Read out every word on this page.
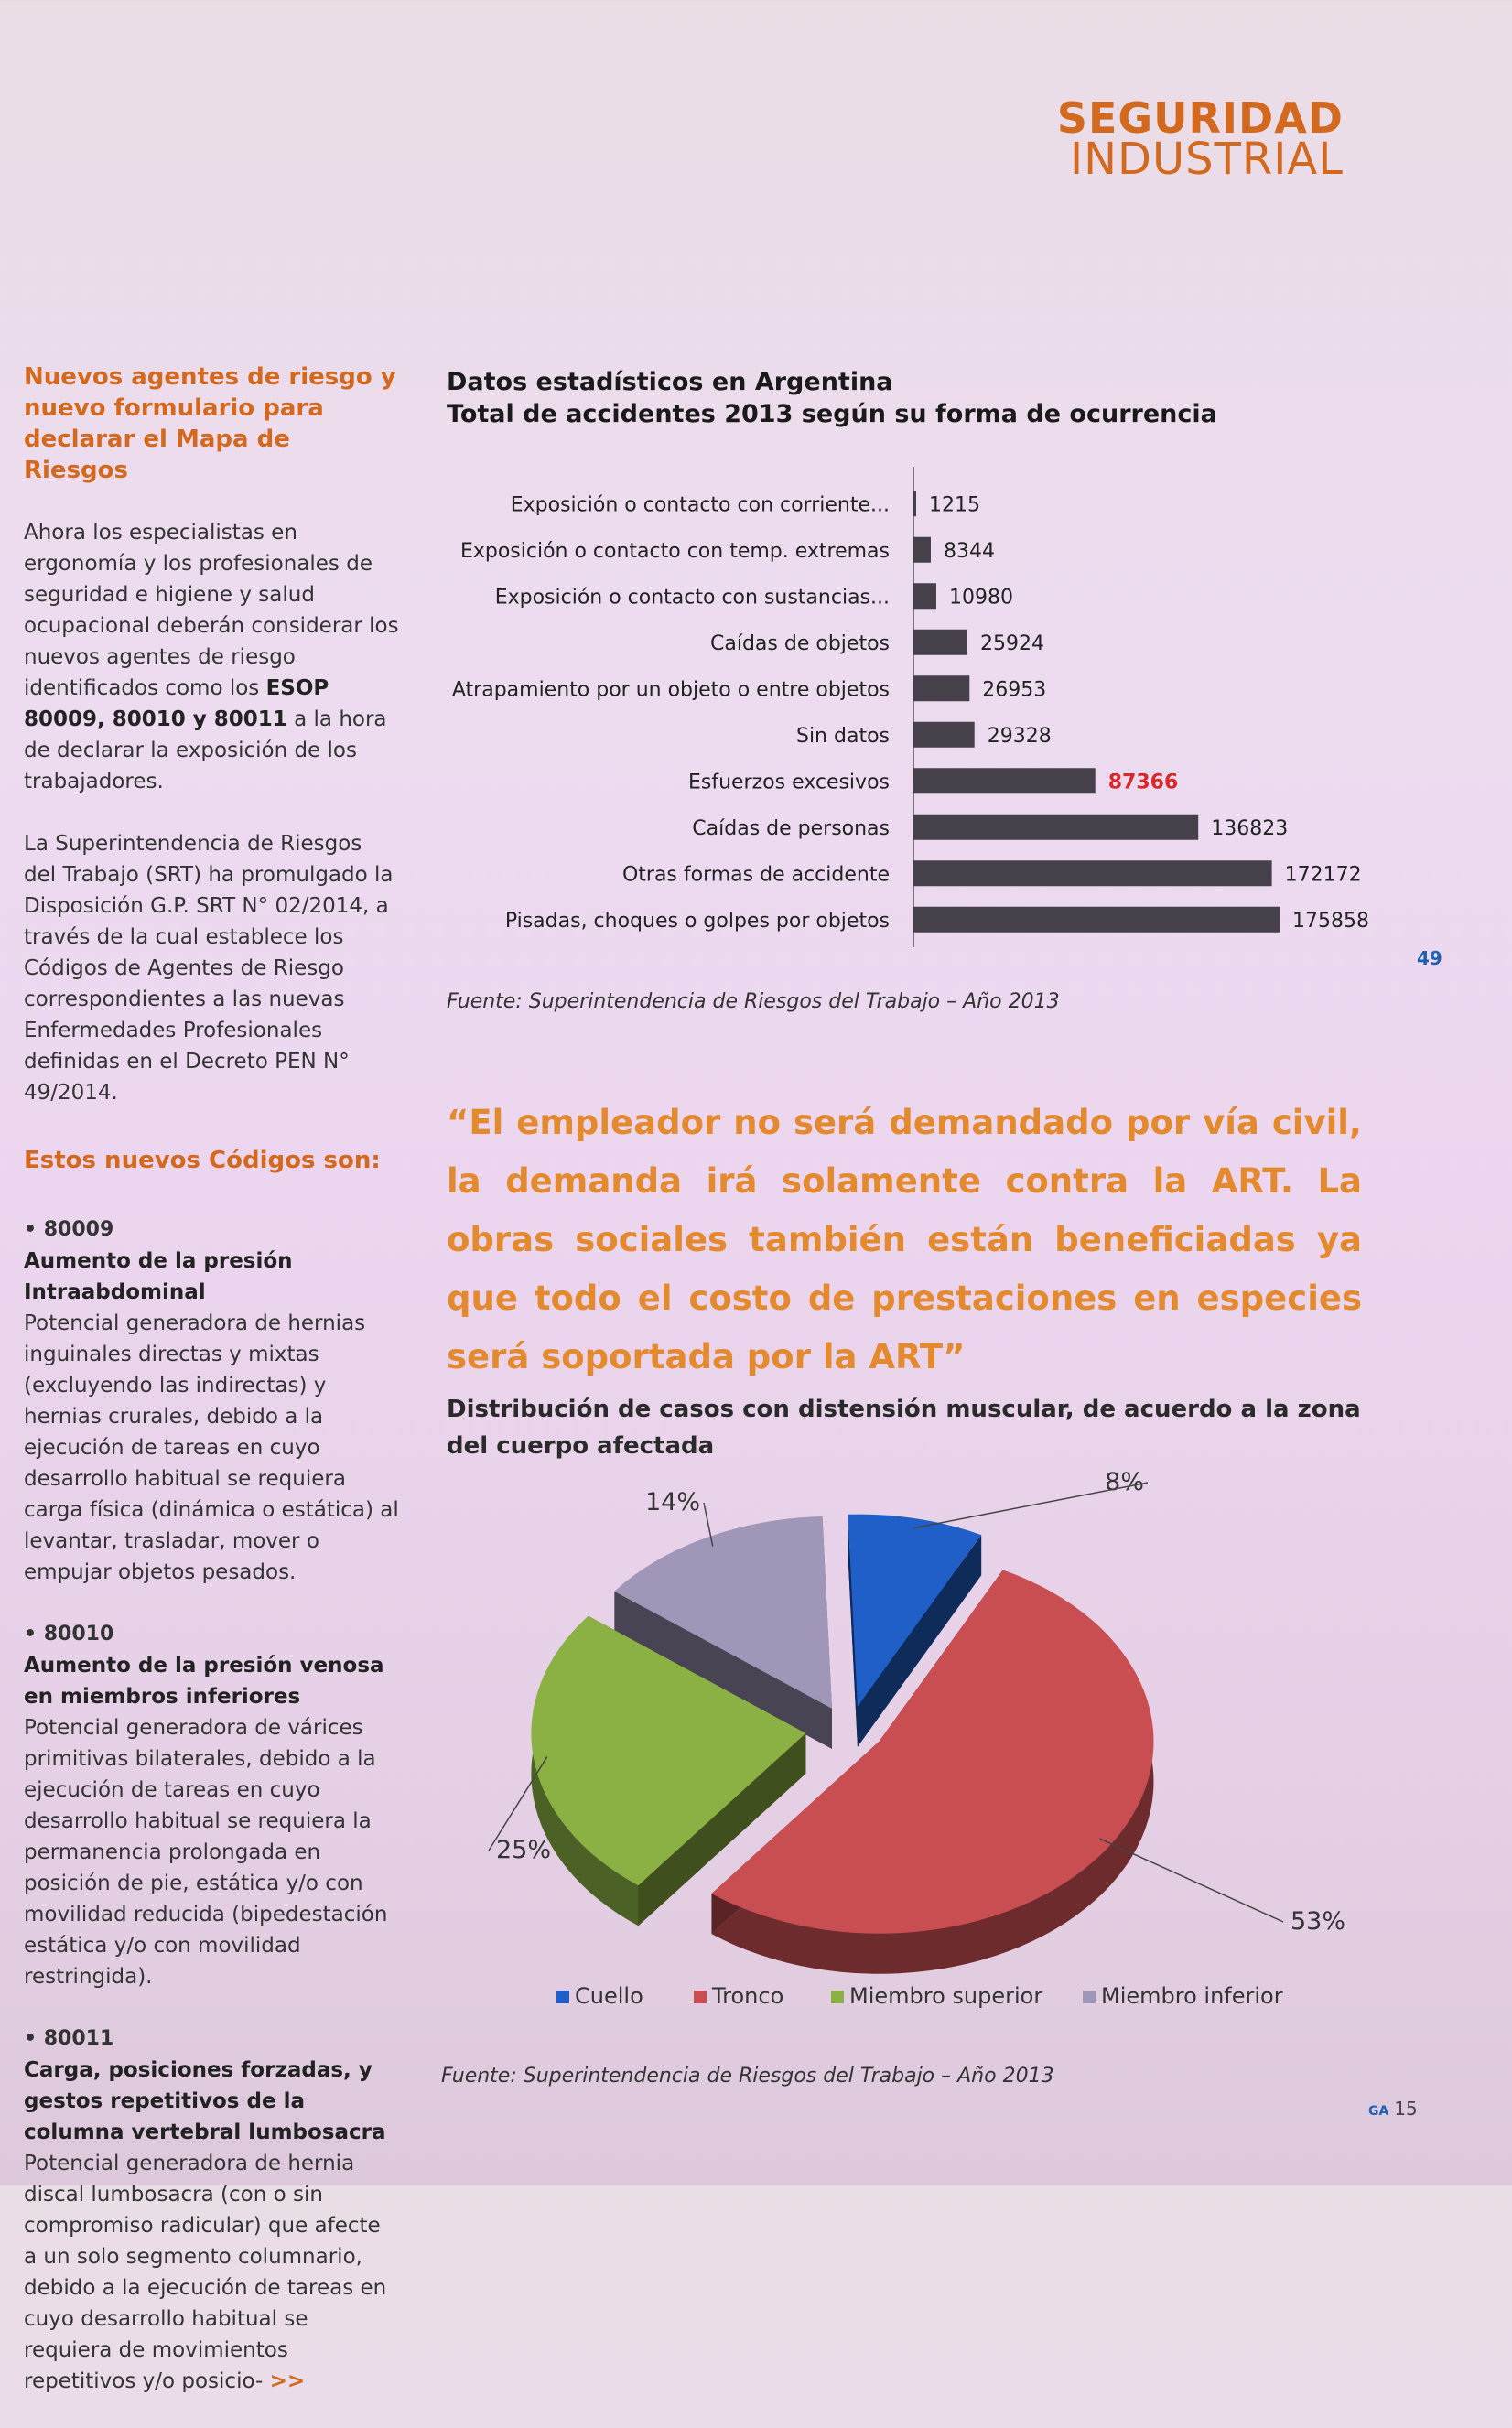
SEGURIDAD
INDUSTRIAL
Nuevos agentes de riesgo y nuevo formulario para declarar el Mapa de Riesgos

Ahora los especialistas en ergonomía y los profesionales de seguridad e higiene y salud ocupacional deberán considerar los nuevos agentes de riesgo identificados como los ESOP 80009, 80010 y 80011 a la hora de declarar la exposición de los trabajadores.

La Superintendencia de Riesgos del Trabajo (SRT) ha promulgado la Disposición G.P. SRT N° 02/2014, a través de la cual establece los Códigos de Agentes de Riesgo correspondientes a las nuevas Enfermedades Profesionales definidas en el Decreto PEN N° 49/2014.

Estos nuevos Códigos son:
• 80009
Aumento de la presión Intraabdominal
Potencial generadora de hernias inguinales directas y mixtas (excluyendo las indirectas) y hernias crurales, debido a la ejecución de tareas en cuyo desarrollo habitual se requiera carga física (dinámica o estática) al levantar, trasladar, mover o empujar objetos pesados.
• 80010
Aumento de la presión venosa en miembros inferiores
Potencial generadora de várices primitivas bilaterales, debido a la ejecución de tareas en cuyo desarrollo habitual se requiera la permanencia prolongada en posición de pie, estática y/o con movilidad reducida (bipedestación estática y/o con movilidad restringida).
• 80011
Carga, posiciones forzadas, y gestos repetitivos de la columna vertebral lumbosacra
Potencial generadora de hernia discal lumbosacra (con o sin compromiso radicular) que afecte a un solo segmento columnario, debido a la ejecución de tareas en cuyo desarrollo habitual se requiera de movimientos repetitivos y/o posicio- >>
Datos estadísticos en Argentina
Total de accidentes 2013 según su forma de ocurrencia
Exposición o contacto con corriente... 1215
Exposición o contacto con temp. extremas	8344
Exposición o contacto con sustancias...	10980
Caídas de objetos	25924
Atrapamiento por un objeto o entre objetos	26953
Sin datos	29328
Esfuerzos excesivos	87366
Caídas de personas	136823
Otras formas de accidente	172172
Pisadas, choques o golpes por objetos	175858
Fuente: Superintendencia de Riesgos del Trabajo – Año 2013
49
“El empleador no será demandado por vía civil, la demanda irá solamente contra la ART. La obras sociales también están beneficiadas ya que todo el costo de prestaciones en especies será soportada por la ART”
Distribución de casos con distensión muscular, de acuerdo a la zona del cuerpo afectada
8%
53%
25%
14%
Cuello	Tronco	Miembro superior	Miembro inferior
Fuente: Superintendencia de Riesgos del Trabajo – Año 2013
GA 15
